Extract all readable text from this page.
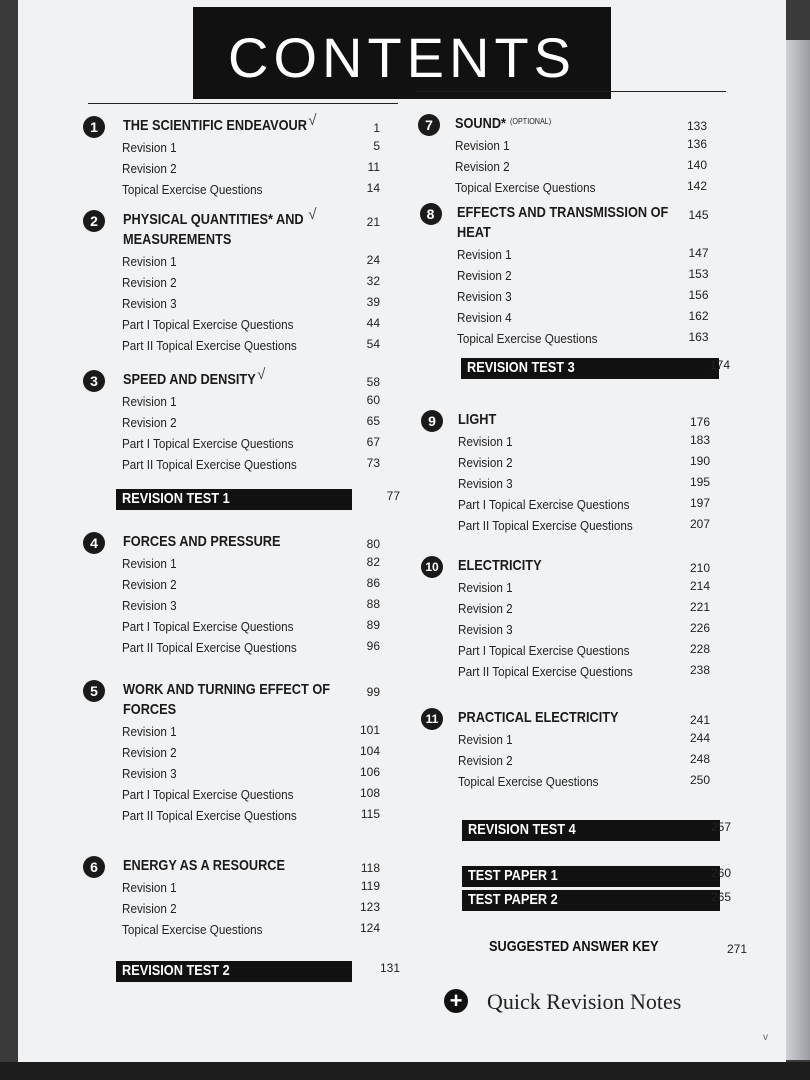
CONTENTS
1	THE SCIENTIFIC ENDEAVOUR √	1
Revision 1	5
Revision 2	11
Topical Exercise Questions	14
2	PHYSICAL QUANTITIES* AND
MEASUREMENTS
√	21
Revision 1	24
Revision 2	32
Revision 3	39
Part I Topical Exercise Questions	44
Part II Topical Exercise Questions	54
3	SPEED AND DENSITY √	58
Revision 1	60
Revision 2	65
Part I Topical Exercise Questions	67
Part II Topical Exercise Questions	73
REVISION TEST 1	77
4	FORCES AND PRESSURE	80
Revision 1	82
Revision 2	86
Revision 3	88
Part I Topical Exercise Questions	89
Part II Topical Exercise Questions	96
5	WORK AND TURNING EFFECT OF
FORCES
99
Revision 1	101
Revision 2	104
Revision 3	106
Part I Topical Exercise Questions	108
Part II Topical Exercise Questions	115
6	ENERGY AS A RESOURCE	118
Revision 1	119
Revision 2	123
Topical Exercise Questions	124
REVISION TEST 2	131
7	SOUND* (OPTIONAL)	133
Revision 1	136
Revision 2	140
Topical Exercise Questions	142
8	EFFECTS AND TRANSMISSION OF
HEAT
145
Revision 1	147
Revision 2	153
Revision 3	156
Revision 4	162
Topical Exercise Questions	163
REVISION TEST 3	174
9	LIGHT	176
Revision 1	183
Revision 2	190
Revision 3	195
Part I Topical Exercise Questions	197
Part II Topical Exercise Questions	207
10 ELECTRICITY	210
Revision 1	214
Revision 2	221
Revision 3	226
Part I Topical Exercise Questions	228
Part II Topical Exercise Questions	238
11	PRACTICAL ELECTRICITY	241
Revision 1	244
Revision 2	248
Topical Exercise Questions	250
REVISION TEST 4	257
TEST PAPER 1	260
TEST PAPER 2	265
SUGGESTED ANSWER KEY	271
+ Quick Revision Notes
v
